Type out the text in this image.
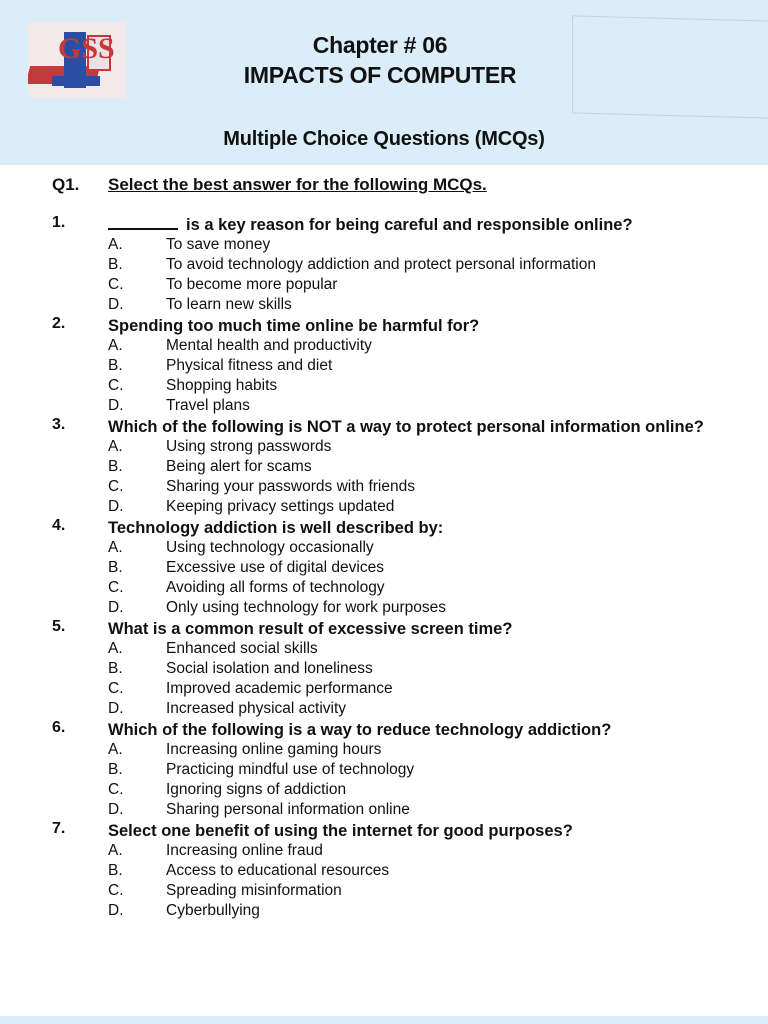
GSS	Chapter # 06
IMPACTS OF COMPUTER
Multiple Choice Questions (MCQs)
Q1. Select the best answer for the following MCQs.
1.	is a key reason for being careful and responsible online?
A.	To save money
B.	To avoid technology addiction and protect personal information
C.	To become more popular
D.	To learn new skills
2.	Spending too much time online be harmful for?
A.	Mental health and productivity
B.	Physical fitness and diet
C.	Shopping habits
D.	Travel plans
3.	Which of the following is NOT a way to protect personal information online?
A.	Using strong passwords
B.	Being alert for scams
C.	Sharing your passwords with friends
D.	Keeping privacy settings updated
4.	Technology addiction is well described by:
A.	Using technology occasionally
B.	Excessive use of digital devices
C.	Avoiding all forms of technology
D.	Only using technology for work purposes
5.	What is a common result of excessive screen time?
A.	Enhanced social skills
B.	Social isolation and loneliness
C.	Improved academic performance
D.	Increased physical activity
6.	Which of the following is a way to reduce technology addiction?
A.	Increasing online gaming hours
B.	Practicing mindful use of technology
C.	Ignoring signs of addiction
D.	Sharing personal information online
7.	Select one benefit of using the internet for good purposes?
A.	Increasing online fraud
B.	Access to educational resources
C.	Spreading misinformation
D.	Cyberbullying
